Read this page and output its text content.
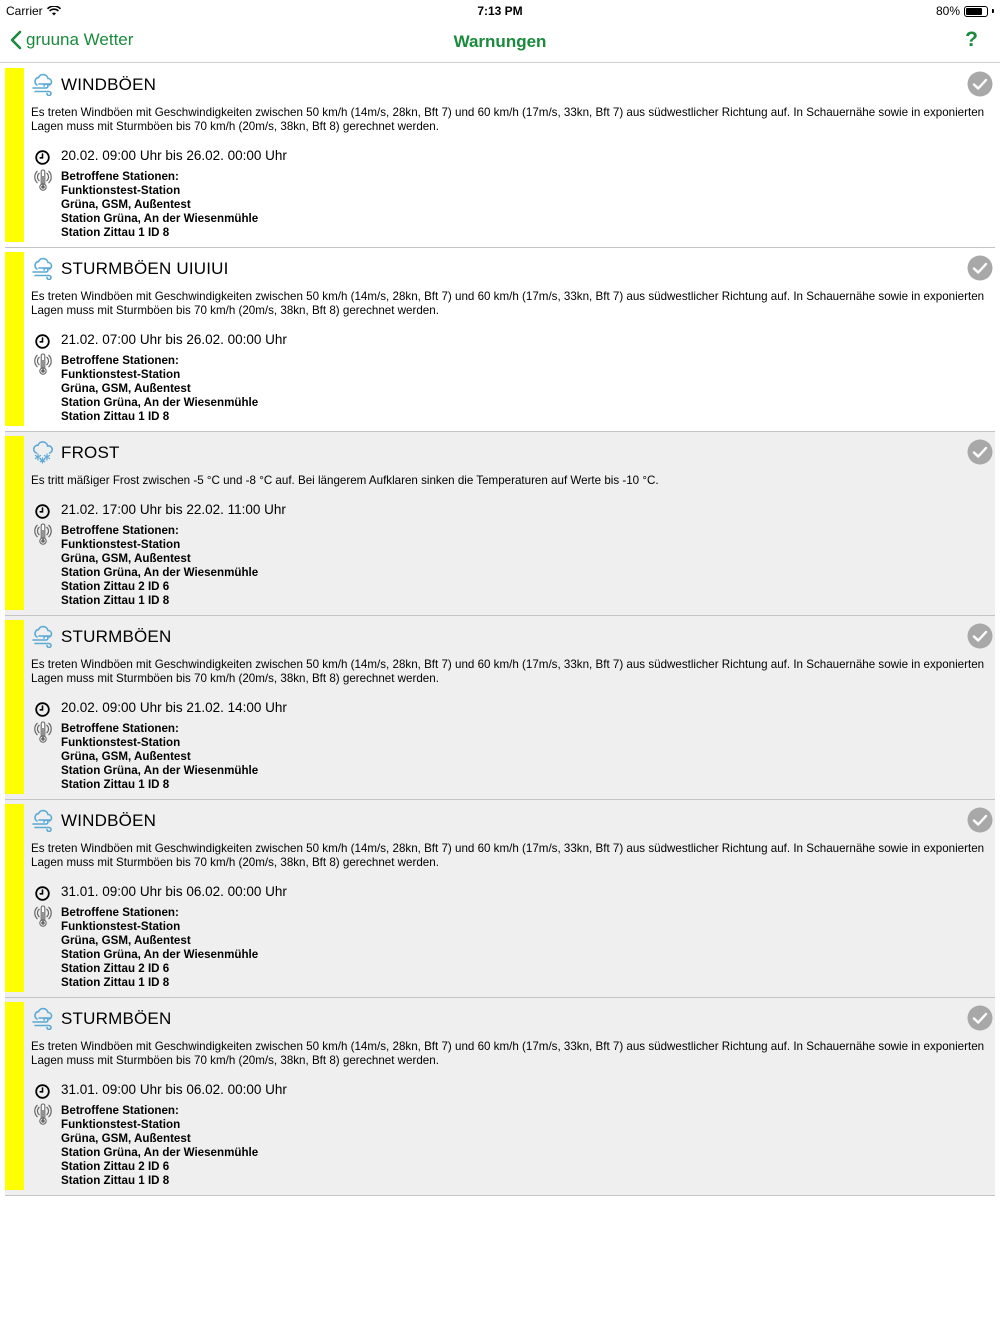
Carrier	7:13 PM	80%
gruuna Wetter	Warnungen	?
WINDBÖEN
Es treten Windböen mit Geschwindigkeiten zwischen 50 km/h (14m/s, 28kn, Bft 7) und 60 km/h (17m/s, 33kn, Bft 7) aus südwestlicher Richtung auf. In Schauernähe sowie in exponierten Lagen muss mit Sturmböen bis 70 km/h (20m/s, 38kn, Bft 8) gerechnet werden.
20.02. 09:00 Uhr bis 26.02. 00:00 Uhr
Betroffene Stationen:
Funktionstest-Station
Grüna, GSM, Außentest
Station Grüna, An der Wiesenmühle
Station Zittau 1 ID 8
STURMBÖEN UIUIUI
Es treten Windböen mit Geschwindigkeiten zwischen 50 km/h (14m/s, 28kn, Bft 7) und 60 km/h (17m/s, 33kn, Bft 7) aus südwestlicher Richtung auf. In Schauernähe sowie in exponierten Lagen muss mit Sturmböen bis 70 km/h (20m/s, 38kn, Bft 8) gerechnet werden.
21.02. 07:00 Uhr bis 26.02. 00:00 Uhr
Betroffene Stationen:
Funktionstest-Station
Grüna, GSM, Außentest
Station Grüna, An der Wiesenmühle
Station Zittau 1 ID 8
FROST
Es tritt mäßiger Frost zwischen -5 °C und -8 °C auf. Bei längerem Aufklaren sinken die Temperaturen auf Werte bis -10 °C.
21.02. 17:00 Uhr bis 22.02. 11:00 Uhr
Betroffene Stationen:
Funktionstest-Station
Grüna, GSM, Außentest
Station Grüna, An der Wiesenmühle
Station Zittau 2 ID 6
Station Zittau 1 ID 8
STURMBÖEN
Es treten Windböen mit Geschwindigkeiten zwischen 50 km/h (14m/s, 28kn, Bft 7) und 60 km/h (17m/s, 33kn, Bft 7) aus südwestlicher Richtung auf. In Schauernähe sowie in exponierten Lagen muss mit Sturmböen bis 70 km/h (20m/s, 38kn, Bft 8) gerechnet werden.
20.02. 09:00 Uhr bis 21.02. 14:00 Uhr
Betroffene Stationen:
Funktionstest-Station
Grüna, GSM, Außentest
Station Grüna, An der Wiesenmühle
Station Zittau 1 ID 8
WINDBÖEN
Es treten Windböen mit Geschwindigkeiten zwischen 50 km/h (14m/s, 28kn, Bft 7) und 60 km/h (17m/s, 33kn, Bft 7) aus südwestlicher Richtung auf. In Schauernähe sowie in exponierten Lagen muss mit Sturmböen bis 70 km/h (20m/s, 38kn, Bft 8) gerechnet werden.
31.01. 09:00 Uhr bis 06.02. 00:00 Uhr
Betroffene Stationen:
Funktionstest-Station
Grüna, GSM, Außentest
Station Grüna, An der Wiesenmühle
Station Zittau 2 ID 6
Station Zittau 1 ID 8
STURMBÖEN
Es treten Windböen mit Geschwindigkeiten zwischen 50 km/h (14m/s, 28kn, Bft 7) und 60 km/h (17m/s, 33kn, Bft 7) aus südwestlicher Richtung auf. In Schauernähe sowie in exponierten Lagen muss mit Sturmböen bis 70 km/h (20m/s, 38kn, Bft 8) gerechnet werden.
31.01. 09:00 Uhr bis 06.02. 00:00 Uhr
Betroffene Stationen:
Funktionstest-Station
Grüna, GSM, Außentest
Station Grüna, An der Wiesenmühle
Station Zittau 2 ID 6
Station Zittau 1 ID 8
